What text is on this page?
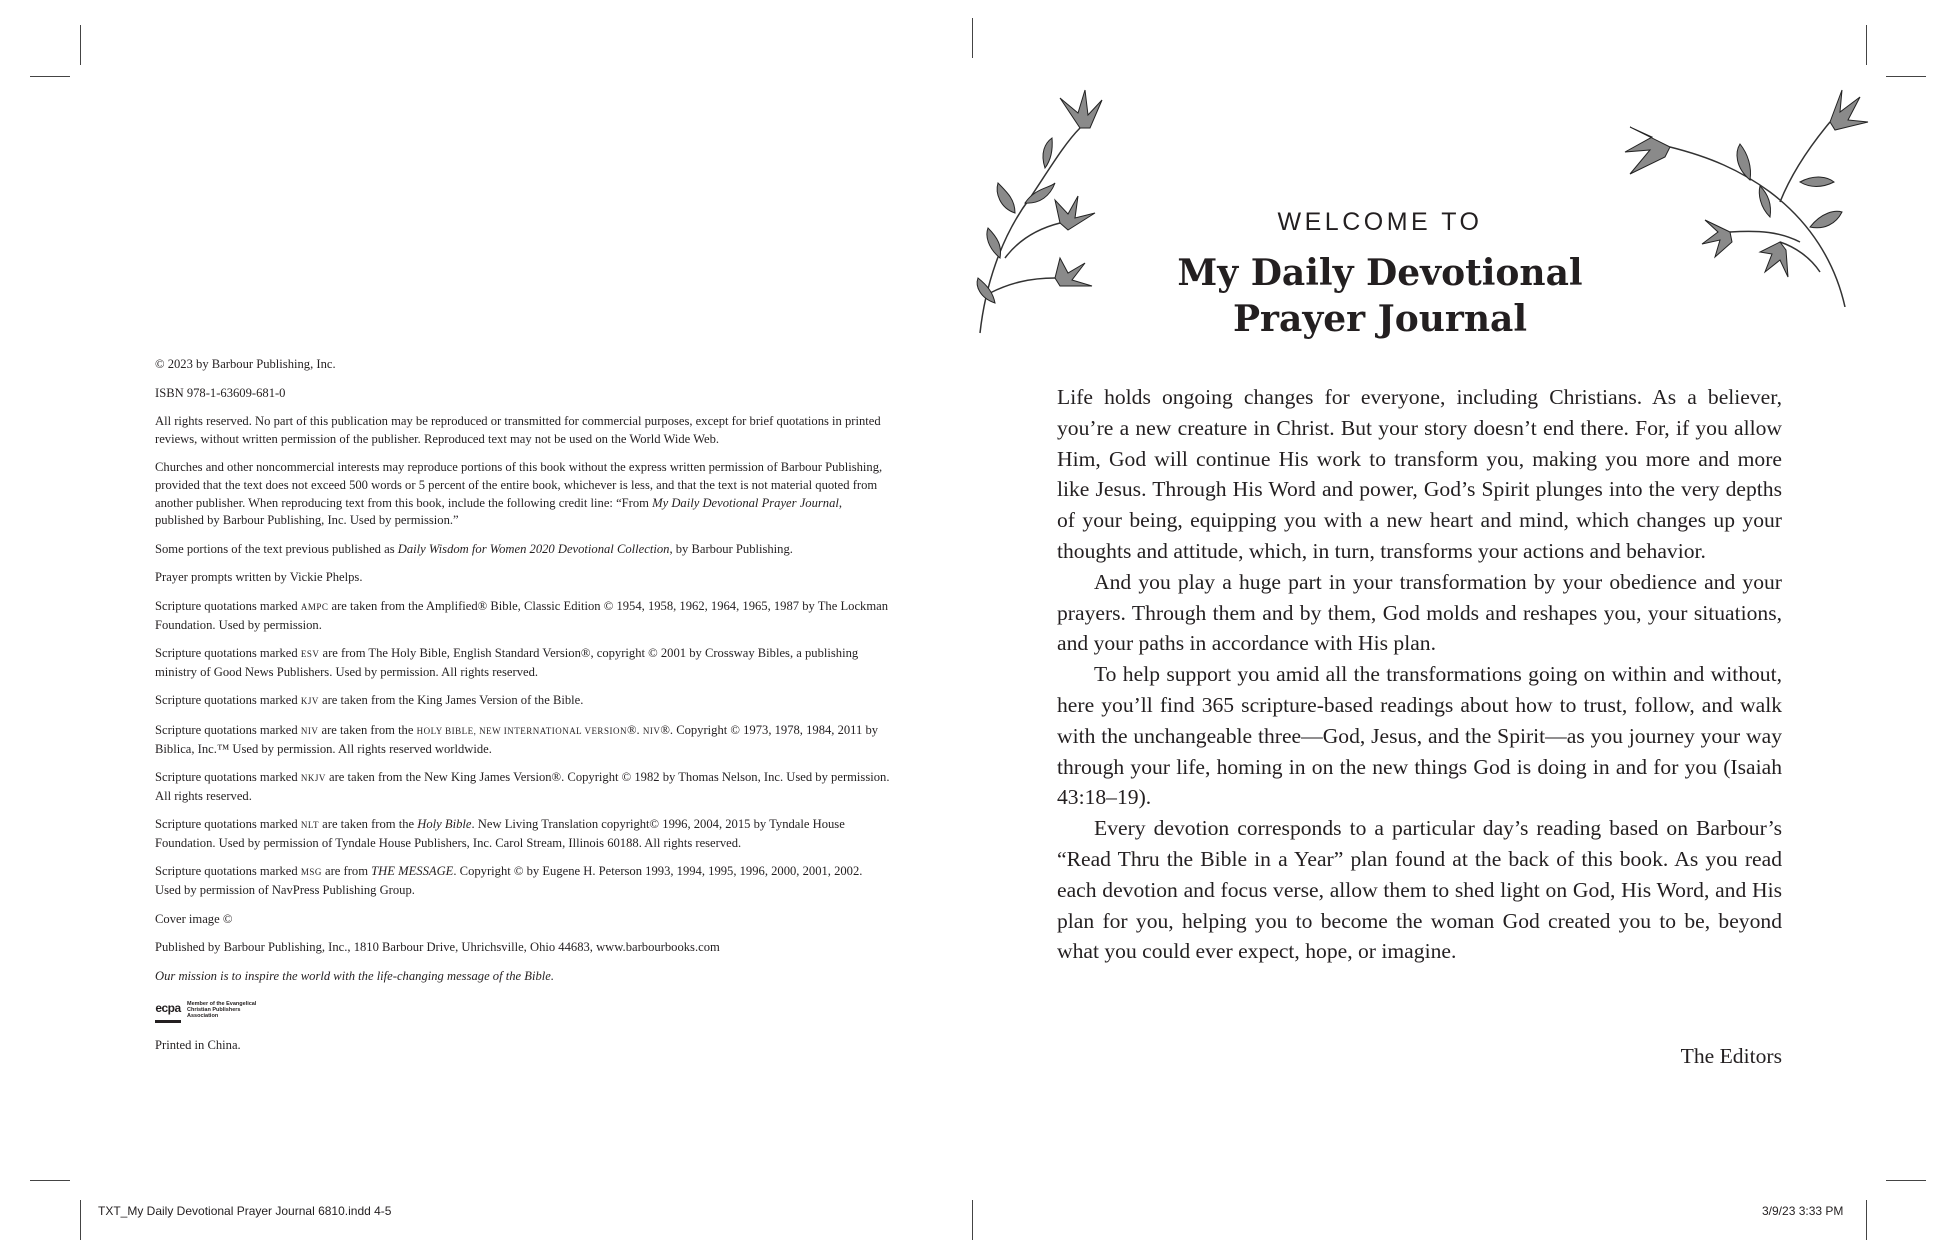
© 2023 by Barbour Publishing, Inc.

ISBN 978-1-63609-681-0

All rights reserved. No part of this publication may be reproduced or transmitted for commercial purposes, except for brief quotations in printed reviews, without written permission of the publisher. Reproduced text may not be used on the World Wide Web.

Churches and other noncommercial interests may reproduce portions of this book without the express written permission of Barbour Publishing, provided that the text does not exceed 500 words or 5 percent of the entire book, whichever is less, and that the text is not material quoted from another publisher. When reproducing text from this book, include the following credit line: “From My Daily Devotional Prayer Journal, published by Barbour Publishing, Inc. Used by permission.”

Some portions of the text previous published as Daily Wisdom for Women 2020 Devotional Collection, by Barbour Publishing.

Prayer prompts written by Vickie Phelps.

Scripture quotations marked AMPC are taken from the Amplified® Bible, Classic Edition © 1954, 1958, 1962, 1964, 1965, 1987 by The Lockman Foundation. Used by permission.

Scripture quotations marked ESV are from The Holy Bible, English Standard Version®, copyright © 2001 by Crossway Bibles, a publishing ministry of Good News Publishers. Used by permission. All rights reserved.

Scripture quotations marked KJV are taken from the King James Version of the Bible.

Scripture quotations marked NIV are taken from the HOLY BIBLE, NEW INTERNATIONAL VERSION®. NIV®. Copyright © 1973, 1978, 1984, 2011 by Biblica, Inc.™ Used by permission. All rights reserved worldwide.

Scripture quotations marked NKJV are taken from the New King James Version®. Copyright © 1982 by Thomas Nelson, Inc. Used by permission. All rights reserved.

Scripture quotations marked NLT are taken from the Holy Bible. New Living Translation copyright© 1996, 2004, 2015 by Tyndale House Foundation. Used by permission of Tyndale House Publishers, Inc. Carol Stream, Illinois 60188. All rights reserved.

Scripture quotations marked MSG are from THE MESSAGE. Copyright © by Eugene H. Peterson 1993, 1994, 1995, 1996, 2000, 2001, 2002. Used by permission of NavPress Publishing Group.

Cover image ©

Published by Barbour Publishing, Inc., 1810 Barbour Drive, Uhrichsville, Ohio 44683, www.barbourbooks.com

Our mission is to inspire the world with the life-changing message of the Bible.

ecpa Member of the Evangelical Christian Publishers Association

Printed in China.

WELCOME TO
My Daily Devotional
Prayer Journal

Life holds ongoing changes for everyone, including Christians. As a believer, you’re a new creature in Christ. But your story doesn’t end there. For, if you allow Him, God will continue His work to transform you, making you more and more like Jesus. Through His Word and power, God’s Spirit plunges into the very depths of your being, equipping you with a new heart and mind, which changes up your thoughts and attitude, which, in turn, transforms your actions and behavior.

And you play a huge part in your transformation by your obedience and your prayers. Through them and by them, God molds and reshapes you, your situations, and your paths in accordance with His plan.

To help support you amid all the transformations going on within and without, here you’ll find 365 scripture-based readings about how to trust, follow, and walk with the unchangeable three—God, Jesus, and the Spirit—as you journey your way through your life, homing in on the new things God is doing in and for you (Isaiah 43:18–19).

Every devotion corresponds to a particular day’s reading based on Barbour’s “Read Thru the Bible in a Year” plan found at the back of this book. As you read each devotion and focus verse, allow them to shed light on God, His Word, and His plan for you, helping you to become the woman God created you to be, beyond what you could ever expect, hope, or imagine.

The Editors
TXT_My Daily Devotional Prayer Journal 6810.indd 4-5	3/9/23 3:33 PM
